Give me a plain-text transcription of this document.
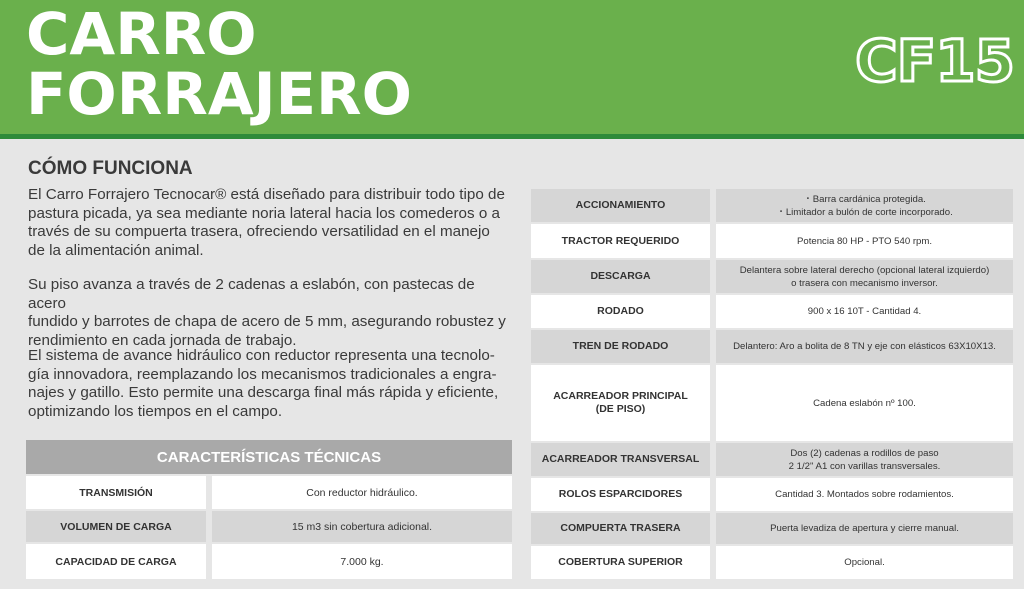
CARRO
FORRAJERO	CF15
CÓMO FUNCIONA
El Carro Forrajero Tecnocar® está diseñado para distribuir todo tipo de
pastura picada, ya sea mediante noria lateral hacia los comederos o a
través de su compuerta trasera, ofreciendo versatilidad en el manejo
de la alimentación animal.
Su piso avanza a través de 2 cadenas a eslabón, con pastecas de acero
fundido y barrotes de chapa de acero de 5 mm, asegurando robustez y
rendimiento en cada jornada de trabajo.
El sistema de avance hidráulico con reductor representa una tecnolo-
gía innovadora, reemplazando los mecanismos tradicionales a engra-
najes y gatillo. Esto permite una descarga final más rápida y eficiente,
optimizando los tiempos en el campo.
CARACTERÍSTICAS TÉCNICAS
TRANSMISIÓN	Con reductor hidráulico.
VOLUMEN DE CARGA	15 m3 sin cobertura adicional.
CAPACIDAD DE CARGA	7.000 kg.
ACCIONAMIENTO	・Barra cardánica protegida.
・Limitador a bulón de corte incorporado.
TRACTOR REQUERIDO	Potencia 80 HP - PTO 540 rpm.
DESCARGA	Delantera sobre lateral derecho (opcional lateral izquierdo)
o trasera con mecanismo inversor.
RODADO	900 x 16 10T - Cantidad 4.
TREN DE RODADO	Delantero: Aro a bolita de 8 TN y eje con elásticos 63X10X13.
ACARREADOR PRINCIPAL
(DE PISO)	Cadena eslabón nº 100.
ACARREADOR TRANSVERSAL	Dos (2) cadenas a rodillos de paso
2 1/2" A1 con varillas transversales.
ROLOS ESPARCIDORES	Cantidad 3. Montados sobre rodamientos.
COMPUERTA TRASERA	Puerta levadiza de apertura y cierre manual.
COBERTURA SUPERIOR	Opcional.
